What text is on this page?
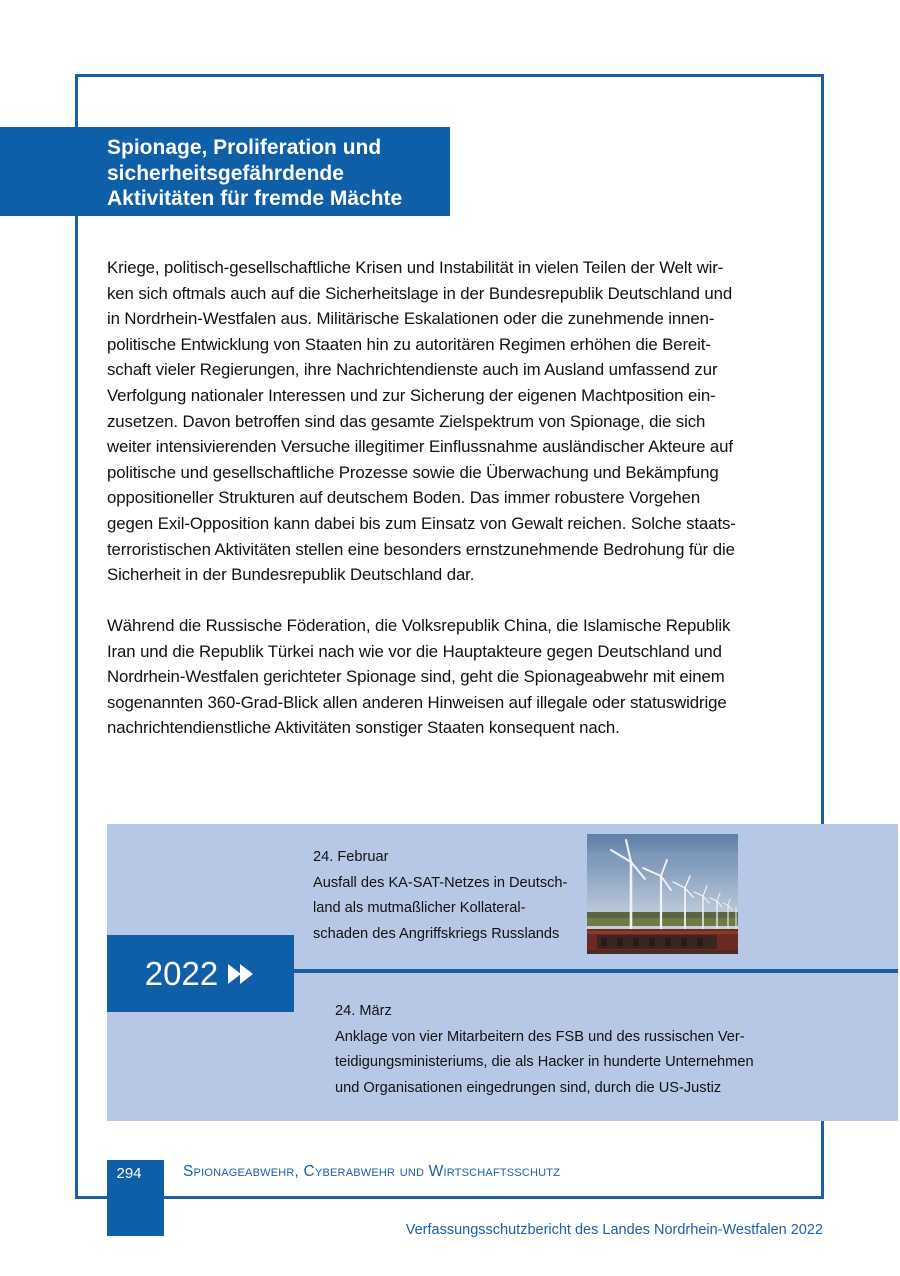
Spionage, Proliferation und
sicherheitsgefährdende
Aktivitäten für fremde Mächte
Kriege, politisch-gesellschaftliche Krisen und Instabilität in vielen Teilen der Welt wir-
ken sich oftmals auch auf die Sicherheitslage in der Bundesrepublik Deutschland und
in Nordrhein-Westfalen aus. Militärische Eskalationen oder die zunehmende innen-
politische Entwicklung von Staaten hin zu autoritären Regimen erhöhen die Bereit-
schaft vieler Regierungen, ihre Nachrichtendienste auch im Ausland umfassend zur
Verfolgung nationaler Interessen und zur Sicherung der eigenen Machtposition ein-
zusetzen. Davon betroffen sind das gesamte Zielspektrum von Spionage, die sich
weiter intensivierenden Versuche illegitimer Einflussnahme ausländischer Akteure auf
politische und gesellschaftliche Prozesse sowie die Überwachung und Bekämpfung
oppositioneller Strukturen auf deutschem Boden. Das immer robustere Vorgehen
gegen Exil-Opposition kann dabei bis zum Einsatz von Gewalt reichen. Solche staats-
terroristischen Aktivitäten stellen eine besonders ernstzunehmende Bedrohung für die
Sicherheit in der Bundesrepublik Deutschland dar.
Während die Russische Föderation, die Volksrepublik China, die Islamische Republik
Iran und die Republik Türkei nach wie vor die Hauptakteure gegen Deutschland und
Nordrhein-Westfalen gerichteter Spionage sind, geht die Spionageabwehr mit einem
sogenannten 360-Grad-Blick allen anderen Hinweisen auf illegale oder statuswidrige
nachrichtendienstliche Aktivitäten sonstiger Staaten konsequent nach.
2022
24. Februar
Ausfall des KA-SAT-Netzes in Deutsch-
land als mutmaßlicher Kollateral-
schaden des Angriffskriegs Russlands
24. März
Anklage von vier Mitarbeitern des FSB und des russischen Ver-
teidigungsministeriums, die als Hacker in hunderte Unternehmen
und Organisationen eingedrungen sind, durch die US-Justiz
294	Spionageabwehr, Cyberabwehr und Wirtschaftsschutz
Verfassungsschutzbericht des Landes Nordrhein-Westfalen 2022
